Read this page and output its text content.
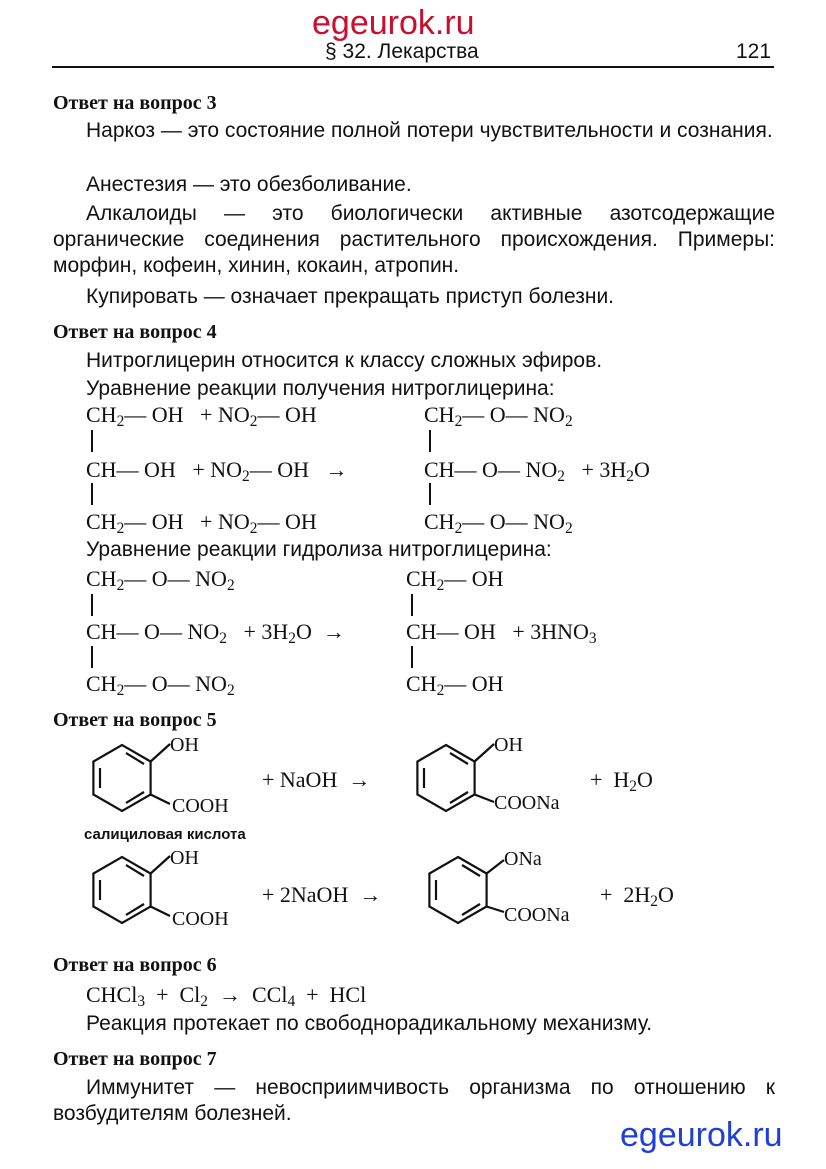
egeurok.ru
§ 32. Лекарства	121
Ответ на вопрос 3
Наркоз — это состояние полной потери чувствительности и сознания.
Анестезия — это обезболивание.
Алкалоиды — это биологически активные азотсодержащие органические соединения растительного происхождения. Примеры: морфин, кофеин, хинин, кокаин, атропин.
Купировать — означает прекращать приступ болезни.
Ответ на вопрос 4
Нитроглицерин относится к классу сложных эфиров.
Уравнение реакции получения нитроглицерина:
$CH_2—$ OH   + $NO_2—$ OH
CH— OH   + $NO_2—$ OH   →
$CH_2—$ OH   + $NO_2—$ OH
$CH_2—$ O— $NO_2$
CH— O— $NO_2 + 3H_2O$
$CH_2—$ O— $NO_2$
Уравнение реакции гидролиза нитроглицерина:
$CH_2—$ O— $NO_2$
CH— O— $NO_2 + 3H_2O$  →
$CH_2—$ O— $NO_2$
$CH_2—$ OH
CH— OH   + $3HNO_3$
$CH_2—$ OH
Ответ на вопрос 5
OH
COOH
+ NaOH  →
OH
COONa
+  $H_2O$
салициловая кислота
OH
COOH
+ 2NaOH  →
ONa
COONa
+  $2H_2O$
Ответ на вопрос 6
CHCl$_3$  +  $Cl_2 \to CCl_4$  +  HCl
Реакция протекает по свободнорадикальному механизму.
Ответ на вопрос 7
Иммунитет — невосприимчивость организма по отношению к возбудителям болезней.
egeurok.ru
